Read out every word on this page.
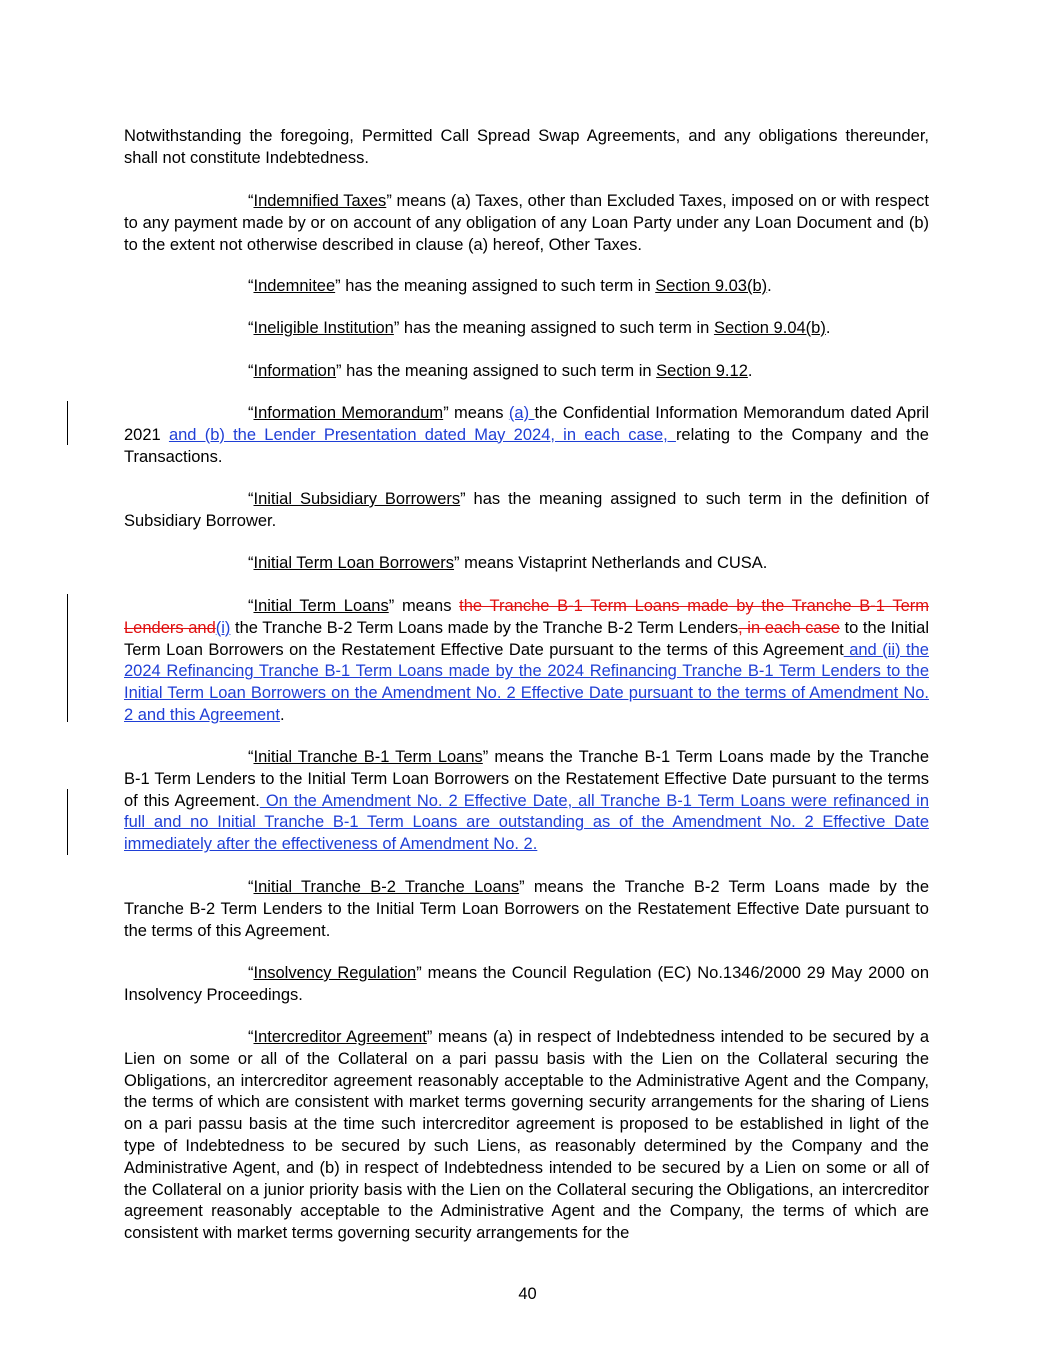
Notwithstanding the foregoing, Permitted Call Spread Swap Agreements, and any obligations thereunder, shall not constitute Indebtedness.

“Indemnified Taxes” means (a) Taxes, other than Excluded Taxes, imposed on or with respect to any payment made by or on account of any obligation of any Loan Party under any Loan Document and (b) to the extent not otherwise described in clause (a) hereof, Other Taxes.

“Indemnitee” has the meaning assigned to such term in Section 9.03(b).

“Ineligible Institution” has the meaning assigned to such term in Section 9.04(b).

“Information” has the meaning assigned to such term in Section 9.12.

“Information Memorandum” means (a) the Confidential Information Memorandum dated April 2021 and (b) the Lender Presentation dated May 2024, in each case, relating to the Company and the Transactions.

“Initial Subsidiary Borrowers” has the meaning assigned to such term in the definition of Subsidiary Borrower.

“Initial Term Loan Borrowers” means Vistaprint Netherlands and CUSA.

“Initial Term Loans” means the Tranche B-1 Term Loans made by the Tranche B-1 Term Lenders and(i) the Tranche B-2 Term Loans made by the Tranche B-2 Term Lenders, in each case to the Initial Term Loan Borrowers on the Restatement Effective Date pursuant to the terms of this Agreement and (ii) the 2024 Refinancing Tranche B-1 Term Loans made by the 2024 Refinancing Tranche B-1 Term Lenders to the Initial Term Loan Borrowers on the Amendment No. 2 Effective Date pursuant to the terms of Amendment No. 2 and this Agreement.

“Initial Tranche B-1 Term Loans” means the Tranche B-1 Term Loans made by the Tranche B-1 Term Lenders to the Initial Term Loan Borrowers on the Restatement Effective Date pursuant to the terms of this Agreement. On the Amendment No. 2 Effective Date, all Tranche B-1 Term Loans were refinanced in full and no Initial Tranche B-1 Term Loans are outstanding as of the Amendment No. 2 Effective Date immediately after the effectiveness of Amendment No. 2.

“Initial Tranche B-2 Tranche Loans” means the Tranche B-2 Term Loans made by the Tranche B-2 Term Lenders to the Initial Term Loan Borrowers on the Restatement Effective Date pursuant to the terms of this Agreement.

“Insolvency Regulation” means the Council Regulation (EC) No.1346/2000 29 May 2000 on Insolvency Proceedings.

“Intercreditor Agreement” means (a) in respect of Indebtedness intended to be secured by a Lien on some or all of the Collateral on a pari passu basis with the Lien on the Collateral securing the Obligations, an intercreditor agreement reasonably acceptable to the Administrative Agent and the Company, the terms of which are consistent with market terms governing security arrangements for the sharing of Liens on a pari passu basis at the time such intercreditor agreement is proposed to be established in light of the type of Indebtedness to be secured by such Liens, as reasonably determined by the Company and the Administrative Agent, and (b) in respect of Indebtedness intended to be secured by a Lien on some or all of the Collateral on a junior priority basis with the Lien on the Collateral securing the Obligations, an intercreditor agreement reasonably acceptable to the Administrative Agent and the Company, the terms of which are consistent with market terms governing security arrangements for the

40
